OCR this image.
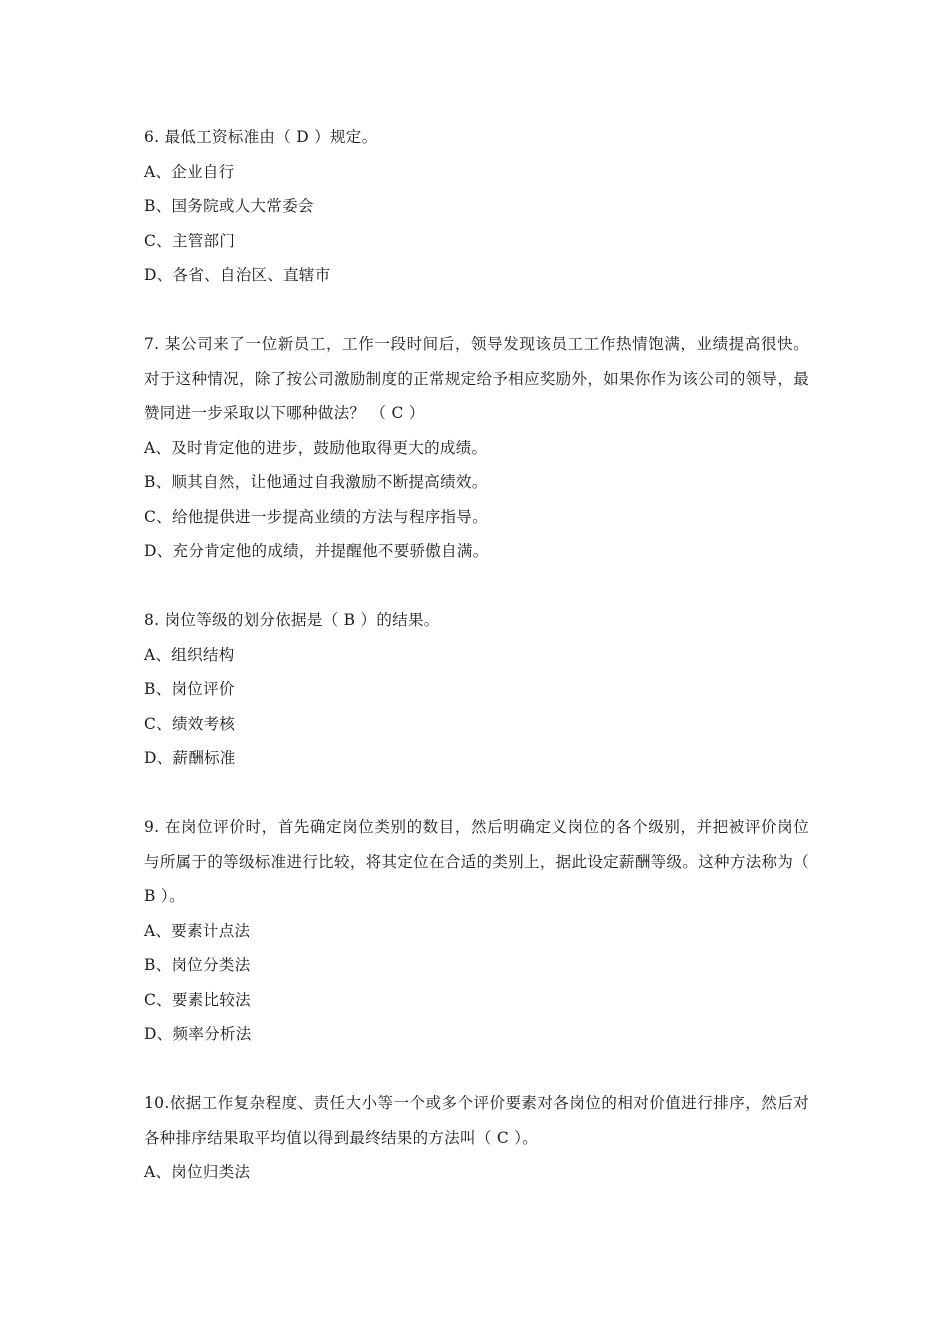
6. 最低工资标准由（ D ）规定。

A、企业自行

B、国务院或人大常委会

C、主管部门

D、各省、自治区、直辖市

7. 某公司来了一位新员工，工作一段时间后，领导发现该员工工作热情饱满，业绩提高很快。对于这种情况，除了按公司激励制度的正常规定给予相应奖励外，如果你作为该公司的领导，最赞同进一步采取以下哪种做法？ （ C ）

A、及时肯定他的进步，鼓励他取得更大的成绩。

B、顺其自然，让他通过自我激励不断提高绩效。

C、给他提供进一步提高业绩的方法与程序指导。

D、充分肯定他的成绩，并提醒他不要骄傲自满。

8. 岗位等级的划分依据是（ B ）的结果。

A、组织结构

B、岗位评价

C、绩效考核

D、薪酬标准

9. 在岗位评价时，首先确定岗位类别的数目，然后明确定义岗位的各个级别，并把被评价岗位与所属于的等级标准进行比较，将其定位在合适的类别上，据此设定薪酬等级。这种方法称为（ B ）。

A、要素计点法

B、岗位分类法

C、要素比较法

D、频率分析法

10.依据工作复杂程度、责任大小等一个或多个评价要素对各岗位的相对价值进行排序，然后对各种排序结果取平均值以得到最终结果的方法叫（ C ）。

A、岗位归类法
